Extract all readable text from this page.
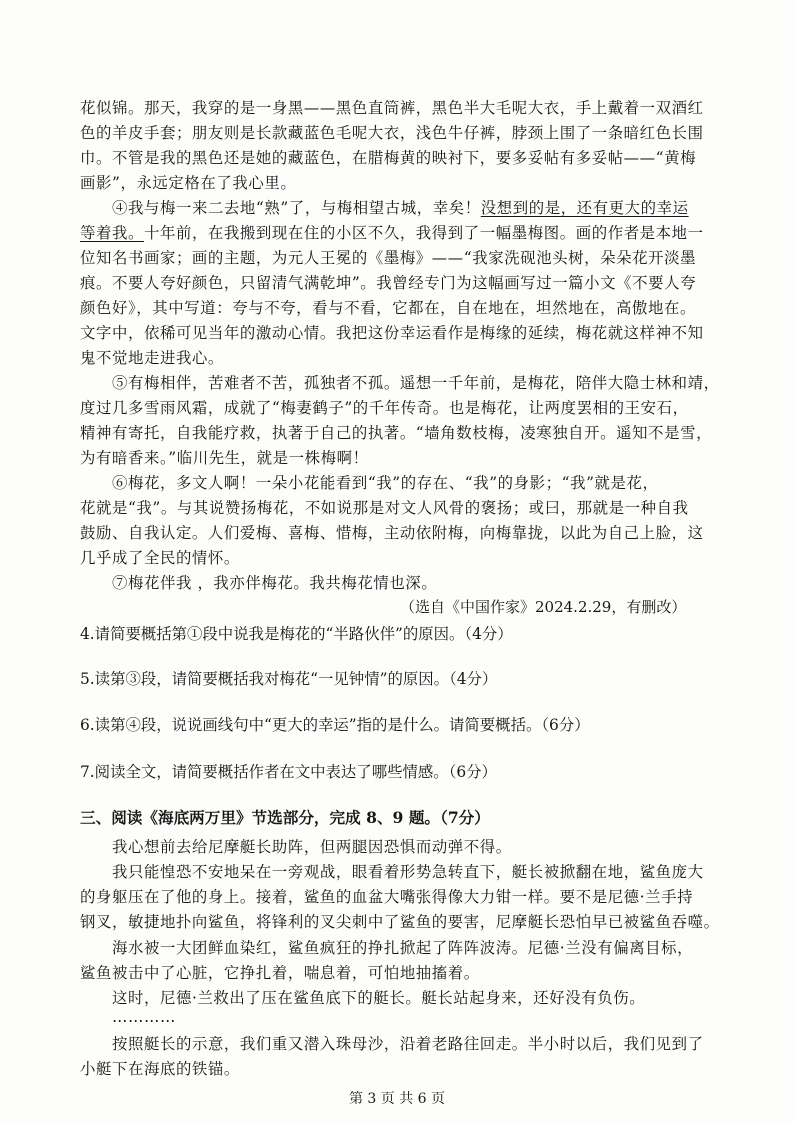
花似锦。那天，我穿的是一身黑——黑色直筒裤，黑色半大毛呢大衣，手上戴着一双酒红
色的羊皮手套；朋友则是长款藏蓝色毛呢大衣，浅色牛仔裤，脖颈上围了一条暗红色长围
巾。不管是我的黑色还是她的藏蓝色，在腊梅黄的映衬下，要多妥帖有多妥帖——“黄梅
画影”，永远定格在了我心里。
④我与梅一来二去地“熟”了，与梅相望古城，幸矣！没想到的是，还有更大的幸运
等着我。十年前，在我搬到现在住的小区不久，我得到了一幅墨梅图。画的作者是本地一
位知名书画家；画的主题，为元人王冕的《墨梅》——“我家洗砚池头树，朵朵花开淡墨
痕。不要人夸好颜色，只留清气满乾坤”。我曾经专门为这幅画写过一篇小文《不要人夸
颜色好》，其中写道：夸与不夸，看与不看，它都在，自在地在，坦然地在，高傲地在。
文字中，依稀可见当年的激动心情。我把这份幸运看作是梅缘的延续，梅花就这样神不知
鬼不觉地走进我心。
⑤有梅相伴，苦难者不苦，孤独者不孤。遥想一千年前，是梅花，陪伴大隐士林和靖，
度过几多雪雨风霜，成就了“梅妻鹤子”的千年传奇。也是梅花，让两度罢相的王安石，
精神有寄托，自我能疗救，执著于自己的执著。“墙角数枝梅，凌寒独自开。遥知不是雪，
为有暗香来。”临川先生，就是一株梅啊！
⑥梅花，多文人啊！一朵小花能看到“我”的存在、“我”的身影；“我”就是花，
花就是“我”。与其说赞扬梅花，不如说那是对文人风骨的褒扬；或曰，那就是一种自我
鼓励、自我认定。人们爱梅、喜梅、惜梅，主动依附梅，向梅靠拢，以此为自己上脸，这
几乎成了全民的情怀。
⑦梅花伴我 ，我亦伴梅花。我共梅花情也深。
（选自《中国作家》2024.2.29，有删改）
4.请简要概括第①段中说我是梅花的“半路伙伴”的原因。（4分）
5.读第③段，请简要概括我对梅花“一见钟情”的原因。（4分）
6.读第④段，说说画线句中“更大的幸运”指的是什么。请简要概括。（6分）
7.阅读全文，请简要概括作者在文中表达了哪些情感。（6分）
三、阅读《海底两万里》节选部分，完成 8、9 题。（7分）
我心想前去给尼摩艇长助阵，但两腿因恐惧而动弹不得。
我只能惶恐不安地呆在一旁观战，眼看着形势急转直下，艇长被掀翻在地，鲨鱼庞大
的身躯压在了他的身上。接着，鲨鱼的血盆大嘴张得像大力钳一样。要不是尼德·兰手持
钢叉，敏捷地扑向鲨鱼，将锋利的叉尖刺中了鲨鱼的要害，尼摩艇长恐怕早已被鲨鱼吞噬。
海水被一大团鲜血染红，鲨鱼疯狂的挣扎掀起了阵阵波涛。尼德·兰没有偏离目标，
鲨鱼被击中了心脏，它挣扎着，喘息着，可怕地抽搐着。
这时，尼德·兰救出了压在鲨鱼底下的艇长。艇长站起身来，还好没有负伤。
…………
按照艇长的示意，我们重又潜入珠母沙，沿着老路往回走。半小时以后，我们见到了
第 3 页 共 6 页
小艇下在海底的铁锚。
